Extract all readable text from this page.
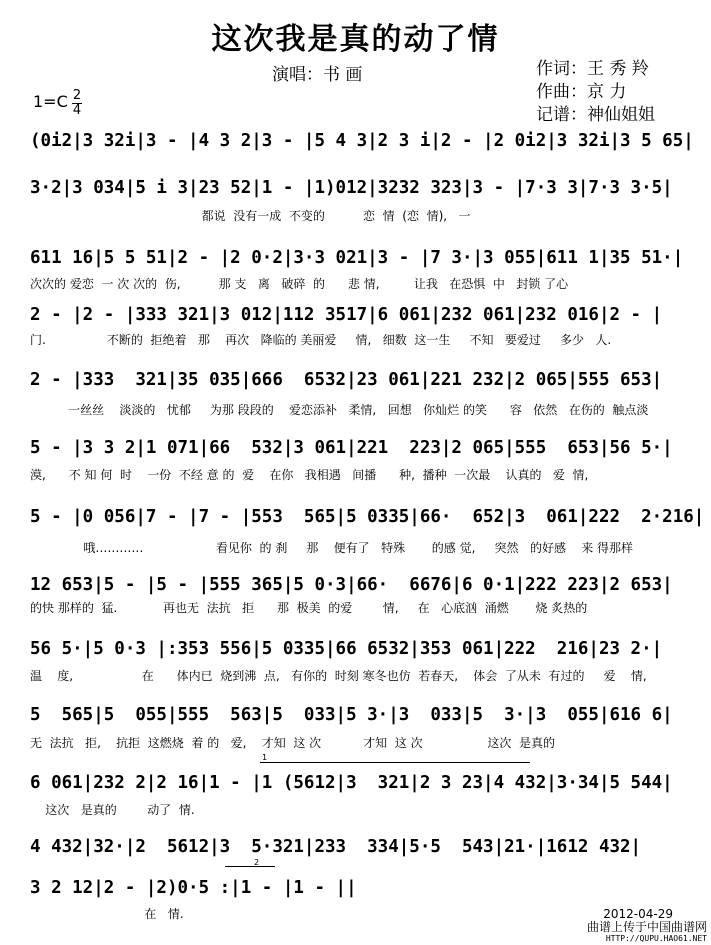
这次我是真的动了情
演唱：书 画	作词：王 秀 羚
作曲：京 力
记谱：神仙姐姐
1=C 2
4
(0i2|3 32i|3 - |4 3 2|3 - |5 4 3|2 3 i|2 - |2 0i2|3 32i|3 5 65|
3·2|3 034|5 i 3|23 52|1 - |1)012|3232 323|3 - |7·3 3|7·3 3·5|
都说  没有一成  不变的          恋  情  (恋  情),   一
611 16|5 5 51|2 - |2 0·2|3·3 021|3 - |7 3·|3 055|611 1|35 51·|
次次的 爱恋  一 次 次的  伤,          那 支   离   破碎  的      悲 情,         让我   在恐惧  中   封锁 了心
2 - |2 - |333 321|3 012|112 3517|6 061|232 061|232 016|2 - |
门.                不断的  拒绝着   那    再次   降临的 美丽爱     情,   细数  这一生     不知   要爱过     多少   人.
2 - |333  321|35 035|666  6532|23 061|221 232|2 065|555 653|
一丝丝    淡淡的   忧郁     为那 段段的    爱恋添补   柔情,   回想   你灿烂 的笑      容   依然   在伤的  触点淡
5 - |3 3 2|1 071|66  532|3 061|221  223|2 065|555  653|56 5·|
漠,      不 知 何  时    一份  不经 意 的  爱    在你   我相遇   间播      种,  播种  一次最    认真的   爱  情,
5 - |0 056|7 - |7 - |553  565|5 0335|66·  652|3  061|222  2·216|
哦…………                   看见你  的 刹     那    便有了   特殊       的感 觉,     突然   的好感    来 得那样
12 653|5 - |5 - |555 365|5 0·3|66·  6676|6 0·1|222 223|2 653|
的快 那样的  猛.            再也无  法抗   拒      那  极美  的爱        情,     在   心底汹  涌燃       烧 炙热的
56 5·|5 0·3 |:353 556|5 0335|66 6532|353 061|222  216|23 2·|
温    度,                  在      体内已  烧到沸  点,   有你的  时刻 寒冬也仿  若春天,    体会  了从未  有过的     爱    情,
5  565|5  055|555  563|5  033|5 3·|3  033|5  3·|3  055|616 6|
无  法抗   拒,    抗拒  这燃烧  着 的   爱,    才知  这 次           才知  这 次                 这次  是真的
1
6 061|232 2|2 16|1 - |1 (5612|3  321|2 3 23|4 432|3·34|5 544|
这次   是真的        动了  情.
4 432|32·|2  5612|3  5·321|233  334|5·5  543|21·|1612 432|
2
3 2 12|2 - |2)0·5 :|1 - |1 - ||
在   情.	2012-04-29
曲谱上传于中国曲谱网
HTTP://QUPU.HAO61.NET
